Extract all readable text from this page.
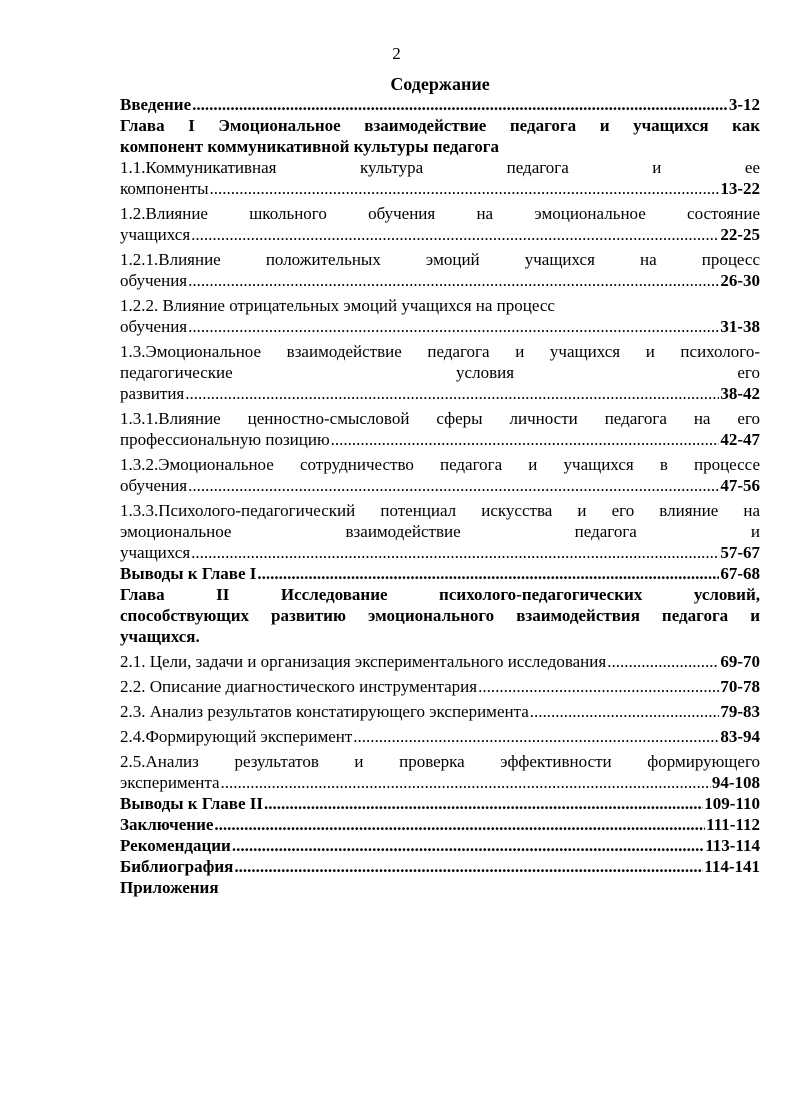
2
Содержание
Введение .....	3-12
Глава I Эмоциональное взаимодействие педагога и учащихся как
компонент коммуникативной культуры педагога
1.1.Коммуникативная культура педагога и ее
компоненты .....	13-22
1.2.Влияние школьного обучения на эмоциональное состояние
учащихся .....	22-25
1.2.1.Влияние положительных эмоций учащихся на процесс
обучения .....	26-30
1.2.2. Влияние отрицательных эмоций учащихся на процесс
обучения .....	31-38
1.3.Эмоциональное взаимодействие педагога и учащихся и психолого-
педагогические условия его
развития .....	38-42
1.3.1.Влияние ценностно-смысловой сферы личности педагога на его
профессиональную позицию .....	42-47
1.3.2.Эмоциональное сотрудничество педагога и учащихся в процессе
обучения .....	47-56
1.3.3.Психолого-педагогический потенциал искусства и его влияние на
эмоциональное взаимодействие педагога и
учащихся .....	57-67
Выводы к Главе I .....	67-68
Глава II Исследование психолого-педагогических условий,
способствующих развитию эмоционального взаимодействия педагога и
учащихся.
2.1. Цели, задачи и организация экспериментального исследования .....	69-70
2.2. Описание диагностического инструментария .....	70-78
2.3. Анализ результатов констатирующего эксперимента .....	79-83
2.4.Формирующий эксперимент .....	83-94
2.5.Анализ результатов и проверка эффективности формирующего
эксперимента .....	94-108
Выводы к Главе II .....	109-110
Заключение .....	111-112
Рекомендации .....	113-114
Библиография .....	114-141
Приложения
